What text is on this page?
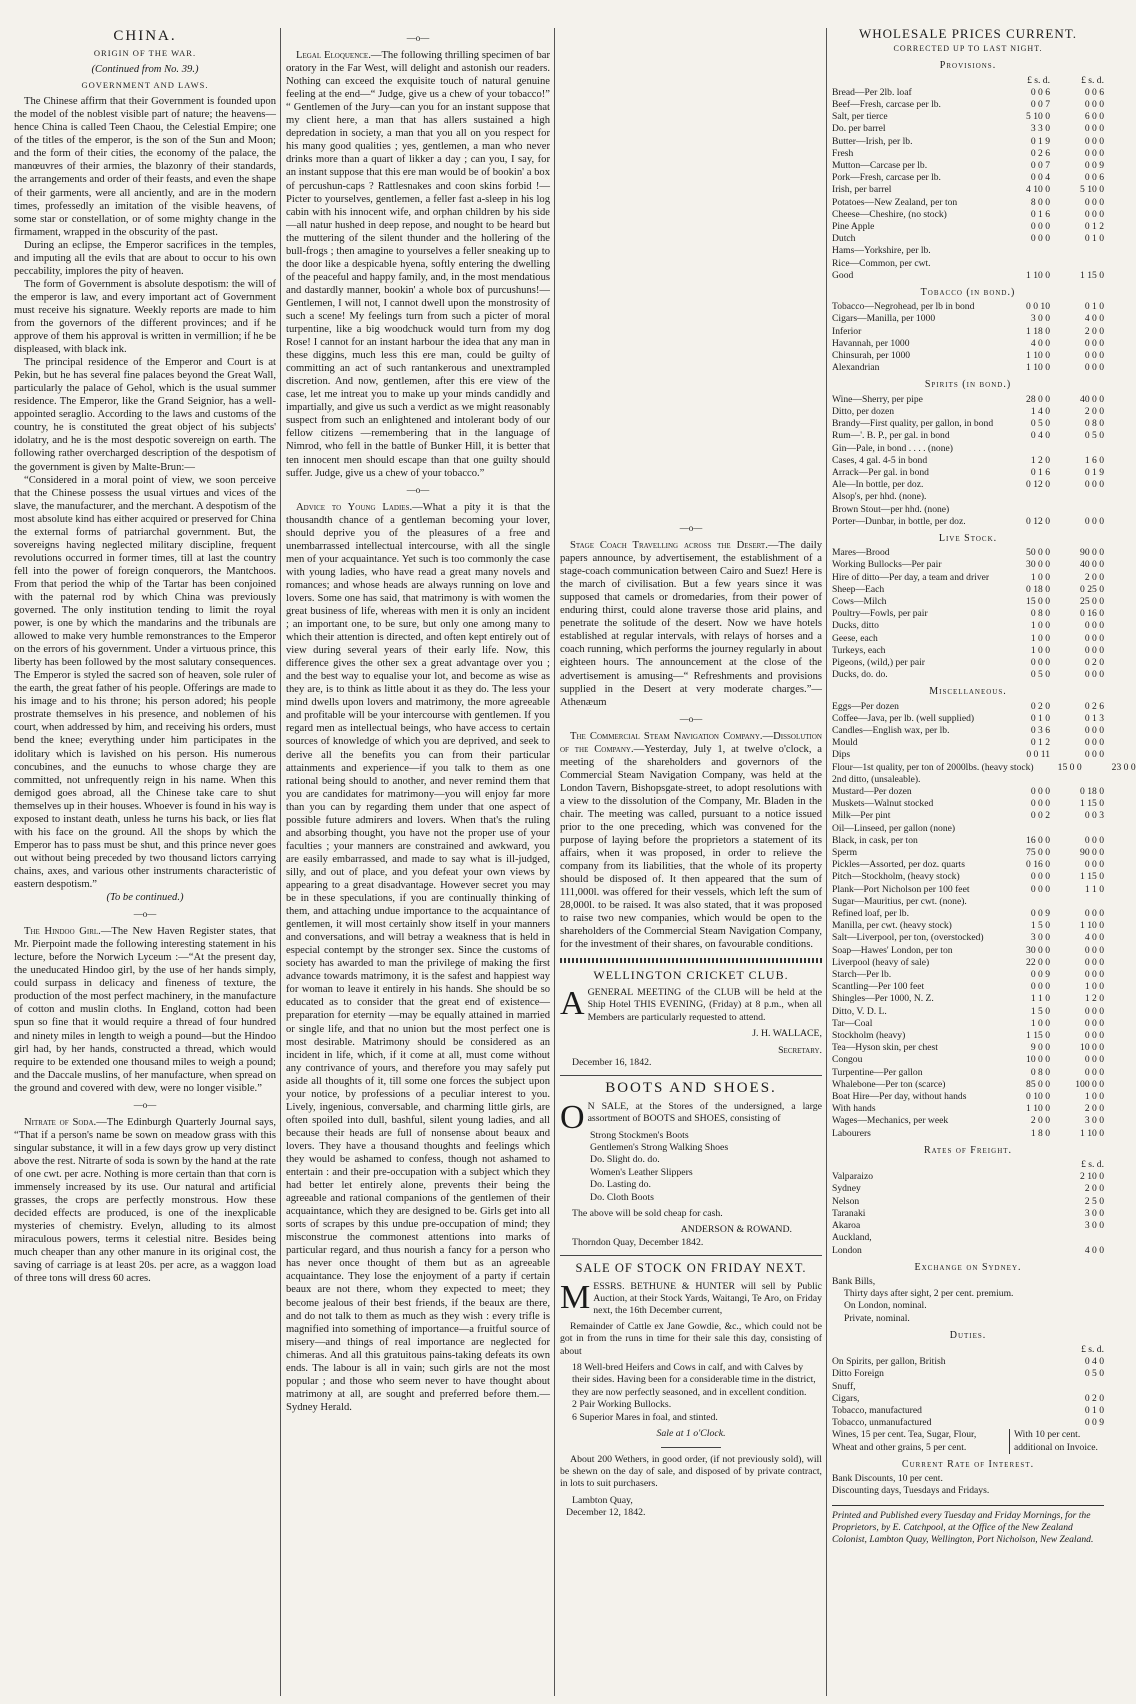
CHINA.
ORIGIN OF THE WAR.
(Continued from No. 39.)
GOVERNMENT AND LAWS.

The Chinese affirm that their Government is founded upon the model of the noblest visible part of nature; the heavens—hence China is called Teen Chaou, the Celestial Empire; one of the titles of the emperor, is the son of the Sun and Moon; and the form of their cities, the economy of the palace, the manœuvres of their armies, the blazonry of their standards, the arrangements and order of their feasts, and even the shape of their garments, were all anciently, and are in the modern times, professedly an imitation of the visible heavens, of some star or constellation, or of some mighty change in the firmament, wrapped in the obscurity of the past.

During an eclipse, the Emperor sacrifices in the temples, and imputing all the evils that are about to occur to his own peccability, implores the pity of heaven.

The form of Government is absolute despotism: the will of the emperor is law, and every important act of Government must receive his signature. Weekly reports are made to him from the governors of the different provinces; and if he approve of them his approval is written in vermillion; if he be displeased, with black ink.

The principal residence of the Emperor and Court is at Pekin, but he has several fine palaces beyond the Great Wall, particularly the palace of Gehol, which is the usual summer residence. The Emperor, like the Grand Seignior, has a well-appointed seraglio. According to the laws and customs of the country, he is constituted the great object of his subjects' idolatry, and he is the most despotic sovereign on earth. The following rather overcharged description of the despotism of the government is given by Malte-Brun:—

“Considered in a moral point of view, we soon perceive that the Chinese possess the usual virtues and vices of the slave, the manufacturer, and the merchant. A despotism of the most absolute kind has either acquired or preserved for China the external forms of patriarchal government. But, the sovereigns having neglected military discipline, frequent revolutions occurred in former times, till at last the country fell into the power of foreign conquerors, the Mantchoos. From that period the whip of the Tartar has been conjoined with the paternal rod by which China was previously governed. The only institution tending to limit the royal power, is one by which the mandarins and the tribunals are allowed to make very humble remonstrances to the Emperor on the errors of his government. Under a virtuous prince, this liberty has been followed by the most salutary consequences. The Emperor is styled the sacred son of heaven, sole ruler of the earth, the great father of his people. Offerings are made to his image and to his throne; his person adored; his people prostrate themselves in his presence, and noblemen of his court, when addressed by him, and receiving his orders, must bend the knee; everything under him participates in the idolitary which is lavished on his person. His numerous concubines, and the eunuchs to whose charge they are committed, not unfrequently reign in his name. When this demigod goes abroad, all the Chinese take care to shut themselves up in their houses. Whoever is found in his way is exposed to instant death, unless he turns his back, or lies flat with his face on the ground. All the shops by which the Emperor has to pass must be shut, and this prince never goes out without being preceded by two thousand lictors carrying chains, axes, and various other instruments characteristic of eastern despotism.”

(To be continued.)
—o—

The Hindoo Girl.—The New Haven Register states, that Mr. Pierpoint made the following interesting statement in his lecture, before the Norwich Lyceum :—“At the present day, the uneducated Hindoo girl, by the use of her hands simply, could surpass in delicacy and fineness of texture, the production of the most perfect machinery, in the manufacture of cotton and muslin cloths. In England, cotton had been spun so fine that it would require a thread of four hundred and ninety miles in length to weigh a pound—but the Hindoo girl had, by her hands, constructed a thread, which would require to be extended one thousand miles to weigh a pound; and the Daccale muslins, of her manufacture, when spread on the ground and covered with dew, were no longer visible.”

—o—

Nitrate of Soda.—The Edinburgh Quarterly Journal says, “That if a person's name be sown on meadow grass with this singular substance, it will in a few days grow up very distinct above the rest. Nitrarte of soda is sown by the hand at the rate of one cwt. per acre. Nothing is more certain than that corn is immensely increased by its use. Our natural and artificial grasses, the crops are perfectly monstrous. How these decided effects are produced, is one of the inexplicable mysteries of chemistry. Evelyn, alluding to its almost miraculous powers, terms it celestial nitre. Besides being much cheaper than any other manure in its original cost, the saving of carriage is at least 20s. per acre, as a waggon load of three tons will dress 60 acres.

—o—

Legal Eloquence.—The following thrilling specimen of bar oratory in the Far West, will delight and astonish our readers. Nothing can exceed the exquisite touch of natural genuine feeling at the end—“ Judge, give us a chew of your tobacco!” “ Gentlemen of the Jury—can you for an instant suppose that my client here, a man that has allers sustained a high depredation in society, a man that you all on you respect for his many good qualities ; yes, gentlemen, a man who never drinks more than a quart of likker a day ; can you, I say, for an instant suppose that this ere man would be of bookin' a box of percushun-caps ? Rattlesnakes and coon skins forbid !—Picter to yourselves, gentlemen, a feller fast a-sleep in his log cabin with his innocent wife, and orphan children by his side—all natur hushed in deep repose, and nought to be heard but the muttering of the silent thunder and the hollering of the bull-frogs ; then amagine to yourselves a feller sneaking up to the door like a despicable hyena, softly entering the dwelling of the peaceful and happy family, and, in the most mendatious and dastardly manner, bookin' a whole box of purcushuns!—Gentlemen, I will not, I cannot dwell upon the monstrosity of such a scene! My feelings turn from such a picter of moral turpentine, like a big woodchuck would turn from my dog Rose! I cannot for an instant harbour the idea that any man in these diggins, much less this ere man, could be guilty of committing an act of such rantankerous and unextrampled discretion. And now, gentlemen, after this ere view of the case, let me intreat you to make up your minds candidly and impartially, and give us such a verdict as we might reasonably suspect from such an enlightened and intolerant body of our fellow citizens —remembering that in the language of Nimrod, who fell in the battle of Bunker Hill, it is better that ten innocent men should escape than that one guilty should suffer. Judge, give us a chew of your tobacco.”

—o—

Advice to Young Ladies.—What a pity it is that the thousandth chance of a gentleman becoming your lover, should deprive you of the pleasures of a free and unembarrassed intellectual intercourse, with all the single men of your acquaintance. Yet such is too commonly the case with young ladies, who have read a great many novels and romances; and whose heads are always running on love and lovers. Some one has said, that matrimony is with women the great business of life, whereas with men it is only an incident ; an important one, to be sure, but only one among many to which their attention is directed, and often kept entirely out of view during several years of their early life. Now, this difference gives the other sex a great advantage over you ; and the best way to equalise your lot, and become as wise as they are, is to think as little about it as they do. The less your mind dwells upon lovers and matrimony, the more agreeable and profitable will be your intercourse with gentlemen. If you regard men as intellectual beings, who have access to certain sources of knowledge of which you are deprived, and seek to derive all the benefits you can from their particular attainments and experience—if you talk to them as one rational being should to another, and never remind them that you are candidates for matrimony—you will enjoy far more than you can by regarding them under that one aspect of possible future admirers and lovers. When that's the ruling and absorbing thought, you have not the proper use of your faculties ; your manners are constrained and awkward, you are easily embarrassed, and made to say what is ill-judged, silly, and out of place, and you defeat your own views by appearing to a great disadvantage. However secret you may be in these speculations, if you are continually thinking of them, and attaching undue importance to the acquaintance of gentlemen, it will most certainly show itself in your manners and conversations, and will betray a weakness that is held in especial contempt by the stronger sex. Since the customs of society has awarded to man the privilege of making the first advance towards matrimony, it is the safest and happiest way for woman to leave it entirely in his hands. She should be so educated as to consider that the great end of existence—preparation for eternity —may be equally attained in married or single life, and that no union but the most perfect one is most desirable. Matrimony should be considered as an incident in life, which, if it come at all, must come without any contrivance of yours, and therefore you may safely put aside all thoughts of it, till some one forces the subject upon your notice, by professions of a peculiar interest to you. Lively, ingenious, conversable, and charming little girls, are often spoiled into dull, bashful, silent young ladies, and all because their heads are full of nonsense about beaux and lovers. They have a thousand thoughts and feelings which they would be ashamed to confess, though not ashamed to entertain : and their pre-occupation with a subject which they had better let entirely alone, prevents their being the agreeable and rational companions of the gentlemen of their acquaintance, which they are designed to be. Girls get into all sorts of scrapes by this undue pre-occupation of mind; they misconstrue the commonest attentions into marks of particular regard, and thus nourish a fancy for a person who has never once thought of them but as an agreeable acquaintance. They lose the enjoyment of a party if certain beaux are not there, whom they expected to meet; they become jealous of their best friends, if the beaux are there, and do not talk to them as much as they wish : every trifle is magnified into something of importance—a fruitful source of misery—and things of real importance are neglected for chimeras. And all this gratuitous pains-taking defeats its own ends. The labour is all in vain; such girls are not the most popular ; and those who seem never to have thought about matrimony at all, are sought and preferred before them.—Sydney Herald.

—o—

Stage Coach Travelling across the Desert.—The daily papers announce, by advertisement, the establishment of a stage-coach communication between Cairo and Suez! Here is the march of civilisation. But a few years since it was supposed that camels or dromedaries, from their power of enduring thirst, could alone traverse those arid plains, and penetrate the solitude of the desert. Now we have hotels established at regular intervals, with relays of horses and a coach running, which performs the journey regularly in about eighteen hours. The announcement at the close of the advertisement is amusing—“ Refreshments and provisions supplied in the Desert at very moderate charges.”—Athenæum

—o—

The Commercial Steam Navigation Company.—Dissolution of the Company.—Yesterday, July 1, at twelve o'clock, a meeting of the shareholders and governors of the Commercial Steam Navigation Company, was held at the London Tavern, Bishopsgate-street, to adopt resolutions with a view to the dissolution of the Company, Mr. Bladen in the chair. The meeting was called, pursuant to a notice issued prior to the one preceding, which was convened for the purpose of laying before the proprietors a statement of its affairs, when it was proposed, in order to relieve the company from its liabilities, that the whole of its property should be disposed of. It then appeared that the sum of 111,000l. was offered for their vessels, which left the sum of 28,000l. to be raised. It was also stated, that it was proposed to raise two new companies, which would be open to the shareholders of the Commercial Steam Navigation Company, for the investment of their shares, on favourable conditions.

WELLINGTON CRICKET CLUB.

AGENERAL MEETING of the CLUB will be held at the Ship Hotel THIS EVENING, (Friday) at 8 p.m., when all Members are particularly requested to attend.

J. H. WALLACE,
Secretary.
December 16, 1842.
BOOTS AND SHOES.

O N SALE, at the Stores of the undersigned, a large assortment of BOOTS and SHOES, consisting of

Strong Stockmen's Boots
Gentlemen's Strong Walking Shoes
Do. Slight do. do.
Women's Leather Slippers
Do. Lasting do.
Do. Cloth Boots
The above will be sold cheap for cash.
ANDERSON & ROWAND.
Thorndon Quay, December 1842.
SALE OF STOCK ON FRIDAY NEXT.

MESSRS. BETHUNE & HUNTER will sell by Public Auction, at their Stock Yards, Waitangi, Te Aro, on Friday next, the 16th December current,

Remainder of Cattle ex Jane Gowdie, &c., which could not be got in from the runs in time for their sale this day, consisting of about

18 Well-bred Heifers and Cows in calf, and with Calves by their sides. Having been for a considerable time in the district, they are now perfectly seasoned, and in excellent condition.
2 Pair Working Bullocks.
6 Superior Mares in foal, and stinted.
Sale at 1 o'Clock.

About 200 Wethers, in good order, (if not previously sold), will be shewn on the day of sale, and disposed of by private contract, in lots to suit purchasers.

Lambton Quay,
December 12, 1842.
WHOLESALE PRICES CURRENT.
CORRECTED UP TO LAST NIGHT.
Provisions.
£ s. d.	£ s. d.
Bread—Per 2lb. loaf	0 0 6	0 0 6
Beef—Fresh, carcase per lb.	0 0 7	0 0 0
Salt, per tierce	5 10 0	6 0 0
Do. per barrel	3 3 0	0 0 0
Butter—Irish, per lb.	0 1 9	0 0 0
Fresh	0 2 6	0 0 0
Mutton—Carcase per lb.	0 0 7	0 0 9
Pork—Fresh, carcase per lb.	0 0 4	0 0 6
Irish, per barrel	4 10 0	5 10 0
Potatoes—New Zealand, per ton	8 0 0	0 0 0
Cheese—Cheshire, (no stock)	0 1 6	0 0 0
Pine Apple	0 0 0	0 1 2
Dutch	0 0 0	0 1 0
Hams—Yorkshire, per lb.
Rice—Common, per cwt.
Good	1 10 0	1 15 0
Tobacco (in bond.)
Tobacco—Negrohead, per lb in bond	0 0 10	0 1 0
Cigars—Manilla, per 1000	3 0 0	4 0 0
Inferior	1 18 0	2 0 0
Havannah, per 1000	4 0 0	0 0 0
Chinsurah, per 1000	1 10 0	0 0 0
Alexandrian	1 10 0	0 0 0
Spirits (in bond.)
Wine—Sherry, per pipe	28 0 0	40 0 0
Ditto, per dozen	1 4 0	2 0 0
Brandy—First quality, per gallon, in bond	0 5 0	0 8 0
Rum—'. B. P., per gal. in bond	0 4 0	0 5 0
Gin—Pale, in bond . . . . (none)
Cases, 4 gal. 4-5 in bond	1 2 0	1 6 0
Arrack—Per gal. in bond	0 1 6	0 1 9
Ale—In bottle, per doz.	0 12 0	0 0 0
Alsop's, per hhd. (none).
Brown Stout—per hhd. (none)
Porter—Dunbar, in bottle, per doz.	0 12 0	0 0 0
Live Stock.
Mares—Brood	50 0 0	90 0 0
Working Bullocks—Per pair	30 0 0	40 0 0
Hire of ditto—Per day, a team and driver	1 0 0	2 0 0
Sheep—Each	0 18 0	0 25 0
Cows—Milch	15 0 0	25 0 0
Poultry—Fowls, per pair	0 8 0	0 16 0
Ducks, ditto	1 0 0	0 0 0
Geese, each	1 0 0	0 0 0
Turkeys, each	1 0 0	0 0 0
Pigeons, (wild,) per pair	0 0 0	0 2 0
Ducks, do. do.	0 5 0	0 0 0
Miscellaneous.
Eggs—Per dozen	0 2 0	0 2 6
Coffee—Java, per lb. (well supplied)	0 1 0	0 1 3
Candles—English wax, per lb.	0 3 6	0 0 0
Mould	0 1 2	0 0 0
Dips	0 0 11	0 0 0
Flour—1st quality, per ton of 2000lbs. (heavy stock)	15 0 0	23 0 0
2nd ditto, (unsaleable).
Mustard—Per dozen	0 0 0	0 18 0
Muskets—Walnut stocked	0 0 0	1 15 0
Milk—Per pint	0 0 2	0 0 3
Oil—Linseed, per gallon (none)
Black, in cask, per ton	16 0 0	0 0 0
Sperm	75 0 0	90 0 0
Pickles—Assorted, per doz. quarts	0 16 0	0 0 0
Pitch—Stockholm, (heavy stock)	0 0 0	1 15 0
Plank—Port Nicholson per 100 feet	0 0 0	1 1 0
Sugar—Mauritius, per cwt. (none).
Refined loaf, per lb.	0 0 9	0 0 0
Manilla, per cwt. (heavy stock)	1 5 0	1 10 0
Salt—Liverpool, per ton, (overstocked)	3 0 0	4 0 0
Soap—Hawes' London, per ton	30 0 0	0 0 0
Liverpool (heavy of sale)	22 0 0	0 0 0
Starch—Per lb.	0 0 9	0 0 0
Scantling—Per 100 feet	0 0 0	1 0 0
Shingles—Per 1000, N. Z.	1 1 0	1 2 0
Ditto, V. D. L.	1 5 0	0 0 0
Tar—Coal	1 0 0	0 0 0
Stockholm (heavy)	1 15 0	0 0 0
Tea—Hyson skin, per chest	9 0 0	10 0 0
Congou	10 0 0	0 0 0
Turpentine—Per gallon	0 8 0	0 0 0
Whalebone—Per ton (scarce)	85 0 0	100 0 0
Boat Hire—Per day, without hands	0 10 0	1 0 0
With hands	1 10 0	2 0 0
Wages—Mechanics, per week	2 0 0	3 0 0
Labourers	1 8 0	1 10 0
Rates of Freight.
£ s. d.
Valparaizo	2 10 0
Sydney	2 0 0
Nelson	2 5 0
Taranaki	3 0 0
Akaroa	3 0 0
Auckland,
London	4 0 0
Exchange on Sydney.
Bank Bills,
Thirty days after sight, 2 per cent. premium.
On London, nominal.
Private, nominal.
Duties.
£ s. d.
On Spirits, per gallon, British	0 4 0
Ditto Foreign	0 5 0
Snuff,
Cigars,	0 2 0
Tobacco, manufactured	0 1 0
Tobacco, unmanufactured	0 0 9
Wines, 15 per cent. Tea, Sugar, Flour, Wheat and other grains, 5 per cent.
With 10 per cent. additional on Invoice.
Current Rate of Interest.
Bank Discounts, 10 per cent.
Discounting days, Tuesdays and Fridays.
Printed and Published every Tuesday and Friday Mornings, for the Proprietors, by E. Catchpool, at the Office of the New Zealand Colonist, Lambton Quay, Wellington, Port Nicholson, New Zealand.
